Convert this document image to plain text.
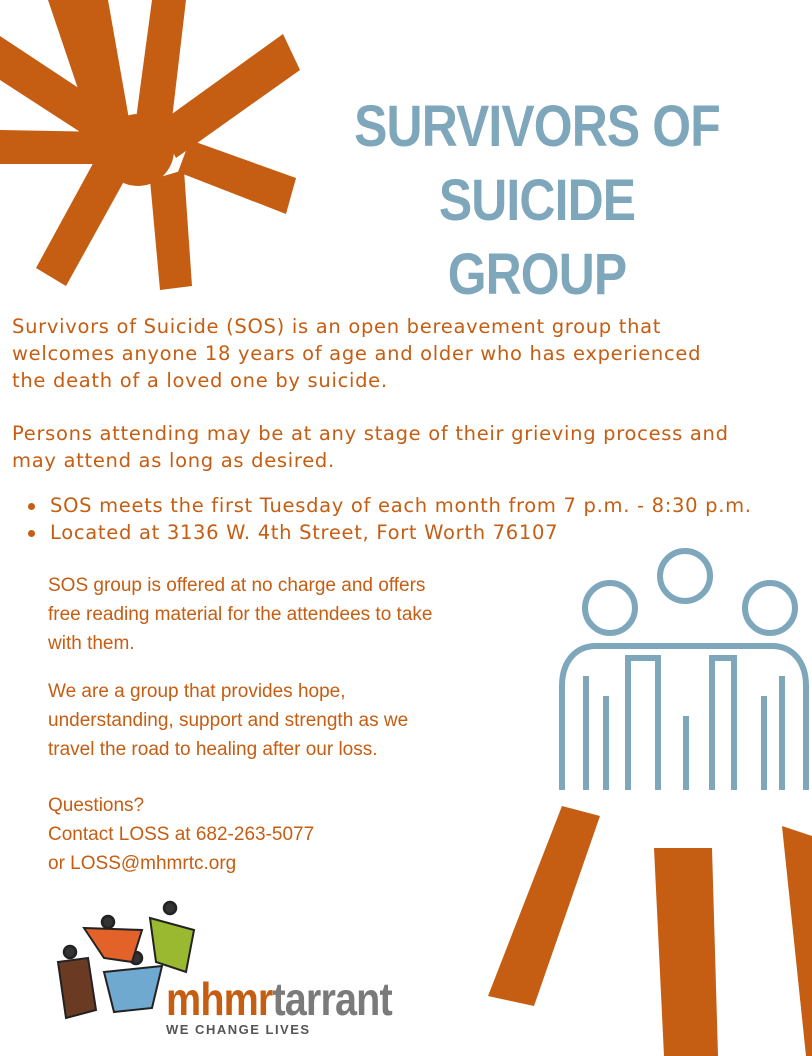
SURVIVORS OF SUICIDE
GROUP
Survivors of Suicide (SOS) is an open bereavement group that
welcomes anyone 18 years of age and older who has experienced
the death of a loved one by suicide.
Persons attending may be at any stage of their grieving process and
may attend as long as desired.
SOS meets the first Tuesday of each month from 7 p.m. - 8:30 p.m.
Located at 3136 W. 4th Street, Fort Worth 76107
SOS group is offered at no charge and offers
free reading material for the attendees to take
with them.
We are a group that provides hope,
understanding, support and strength as we
travel the road to healing after our loss.
Questions?
Contact LOSS at 682-263-5077
or LOSS@mhmrtc.org
mhmrtarrant
WE CHANGE LIVES
